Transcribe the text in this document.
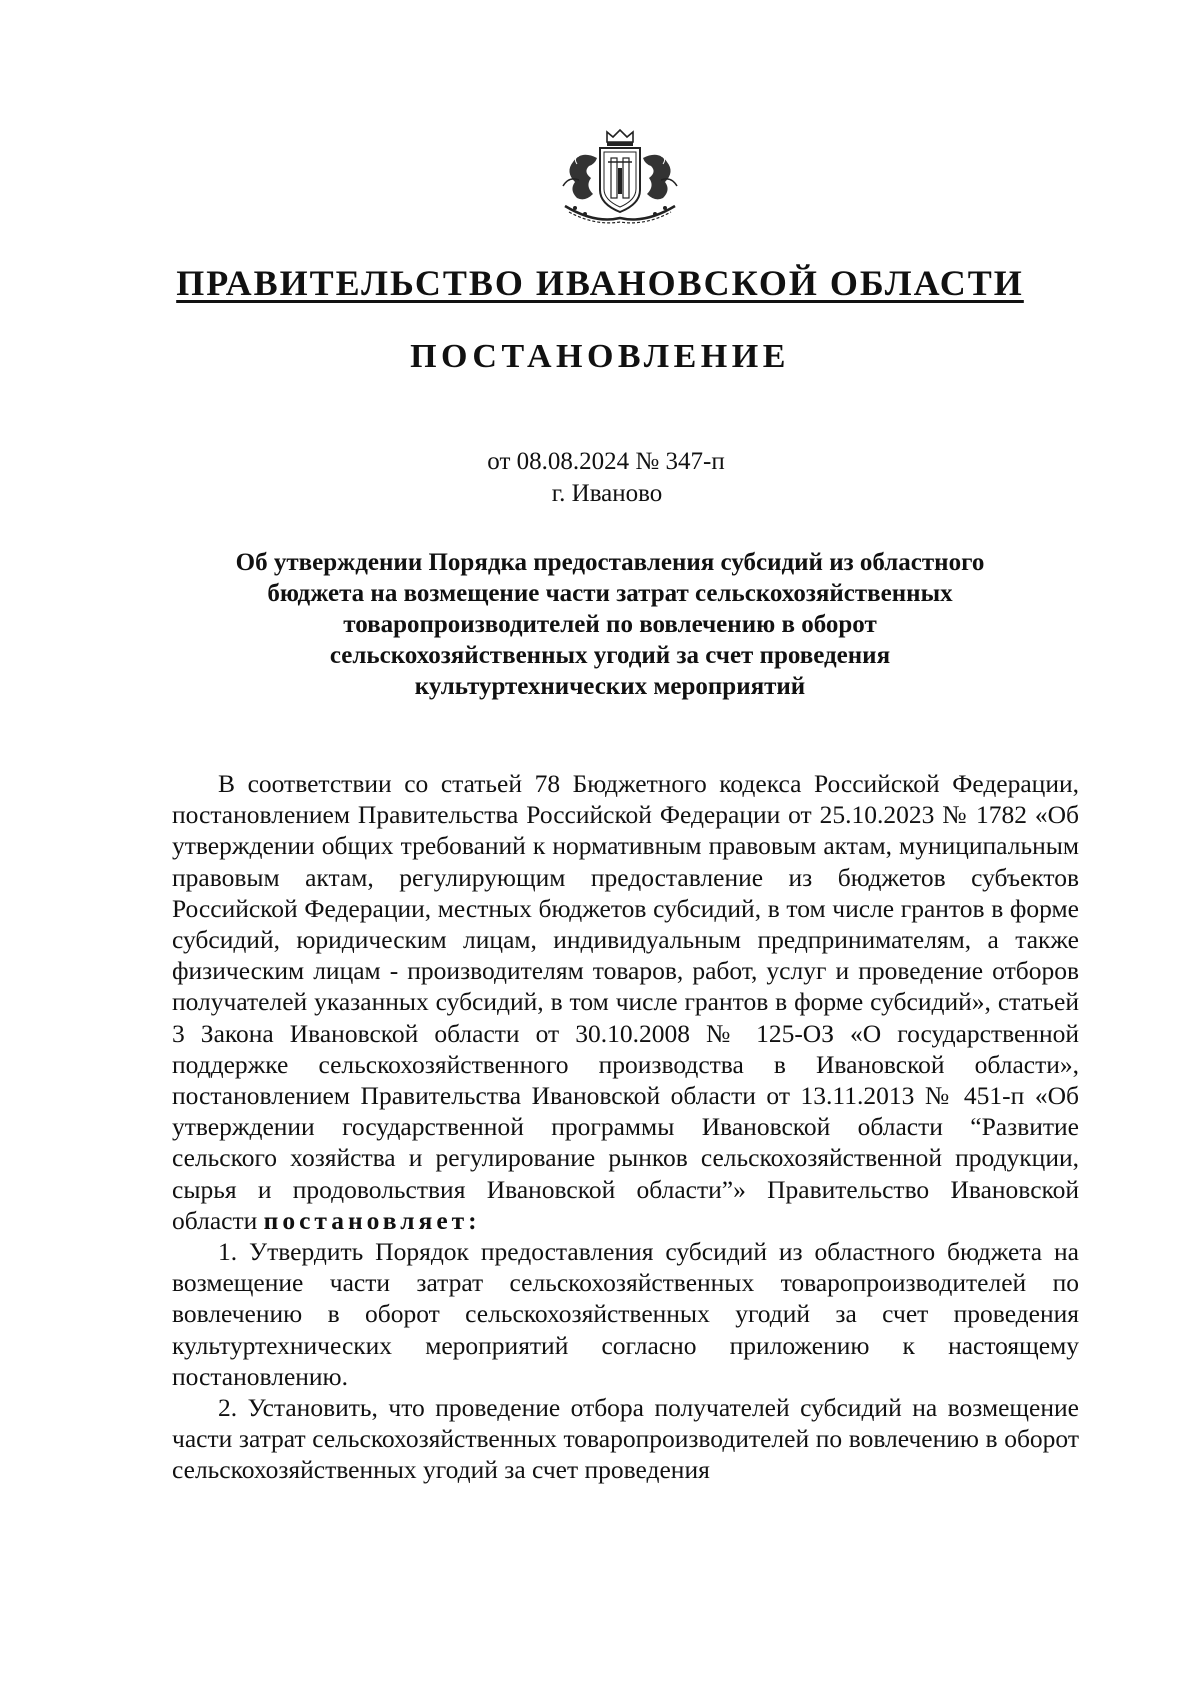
ПРАВИТЕЛЬСТВО ИВАНОВСКОЙ ОБЛАСТИ
ПОСТАНОВЛЕНИЕ
от 08.08.2024 № 347-п
г. Иваново
Об утверждении Порядка предоставления субсидий из областного
бюджета на возмещение части затрат сельскохозяйственных
товаропроизводителей по вовлечению в оборот
сельскохозяйственных угодий за счет проведения
культуртехнических мероприятий

В соответствии со статьей 78 Бюджетного кодекса Российской Федерации, постановлением Правительства Российской Федерации от 25.10.2023 № 1782 «Об утверждении общих требований к нормативным правовым актам, муниципальным правовым актам, регулирующим предоставление из бюджетов субъектов Российской Федерации, местных бюджетов субсидий, в том числе грантов в форме субсидий, юридическим лицам, индивидуальным предпринимателям, а также физическим лицам - производителям товаров, работ, услуг и проведение отборов получателей указанных субсидий, в том числе грантов в форме субсидий», статьей 3 Закона Ивановской области от 30.10.2008 № 125-ОЗ «О государственной поддержке сельскохозяйственного производства в Ивановской области», постановлением Правительства Ивановской области от 13.11.2013 № 451-п «Об утверждении государственной программы Ивановской области “Развитие сельского хозяйства и регулирование рынков сельскохозяйственной продукции, сырья и продовольствия Ивановской области”» Правительство Ивановской области постановляет:

1. Утвердить Порядок предоставления субсидий из областного бюджета на возмещение части затрат сельскохозяйственных товаропроизводителей по вовлечению в оборот сельскохозяйственных угодий за счет проведения культуртехнических мероприятий согласно приложению к настоящему постановлению.

2. Установить, что проведение отбора получателей субсидий на возмещение части затрат сельскохозяйственных товаропроизводителей по вовлечению в оборот сельскохозяйственных угодий за счет проведения
